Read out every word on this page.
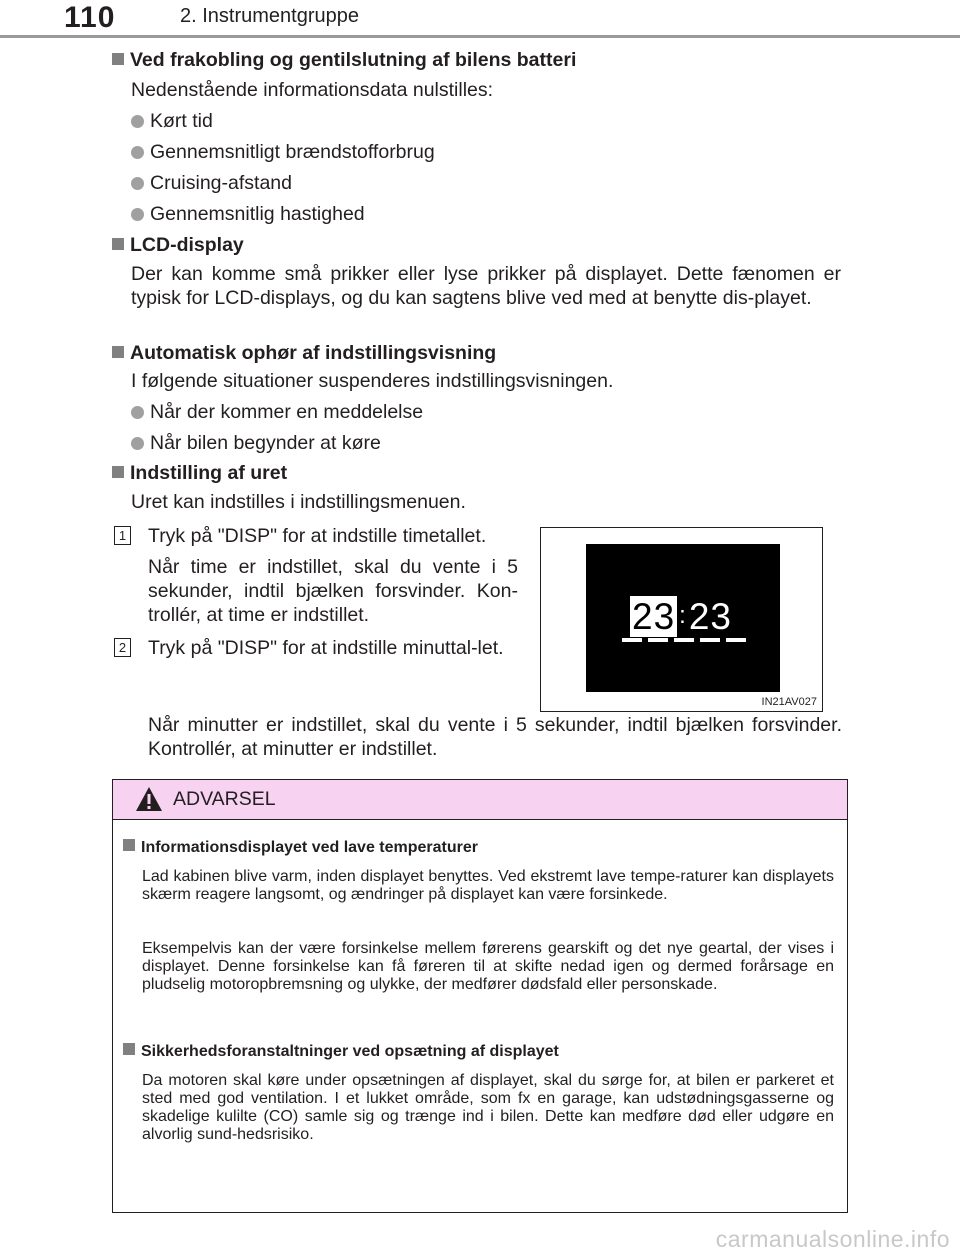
110	2. Instrumentgruppe
Ved frakobling og gentilslutning af bilens batteri
Nedenstående informationsdata nulstilles:
Kørt tid
Gennemsnitligt brændstofforbrug
Cruising-afstand
Gennemsnitlig hastighed
LCD-display
Der kan komme små prikker eller lyse prikker på displayet. Dette fænomen er typisk for LCD-displays, og du kan sagtens blive ved med at benytte dis-playet.
Automatisk ophør af indstillingsvisning
I følgende situationer suspenderes indstillingsvisningen.
Når der kommer en meddelelse
Når bilen begynder at køre
Indstilling af uret
Uret kan indstilles i indstillingsmenuen.
1 Tryk på "DISP" for at indstille timetallet.
Når time er indstillet, skal du vente i 5 sekunder, indtil bjælken forsvinder. Kon-trollér, at time er indstillet.
2 Tryk på "DISP" for at indstille minuttal-let.
Når minutter er indstillet, skal du vente i 5 sekunder, indtil bjælken forsvinder. Kontrollér, at minutter er indstillet.
23 :23
IN21AV027
ADVARSEL
Informationsdisplayet ved lave temperaturer
Lad kabinen blive varm, inden displayet benyttes. Ved ekstremt lave tempe-raturer kan displayets skærm reagere langsomt, og ændringer på displayet kan være forsinkede.
Eksempelvis kan der være forsinkelse mellem førerens gearskift og det nye geartal, der vises i displayet. Denne forsinkelse kan få føreren til at skifte nedad igen og dermed forårsage en pludselig motoropbremsning og ulykke, der medfører dødsfald eller personskade.
Sikkerhedsforanstaltninger ved opsætning af displayet
Da motoren skal køre under opsætningen af displayet, skal du sørge for, at bilen er parkeret et sted med god ventilation. I et lukket område, som fx en garage, kan udstødningsgasserne og skadelige kulilte (CO) samle sig og trænge ind i bilen. Dette kan medføre død eller udgøre en alvorlig sund-hedsrisiko.
carmanualsonline.info
